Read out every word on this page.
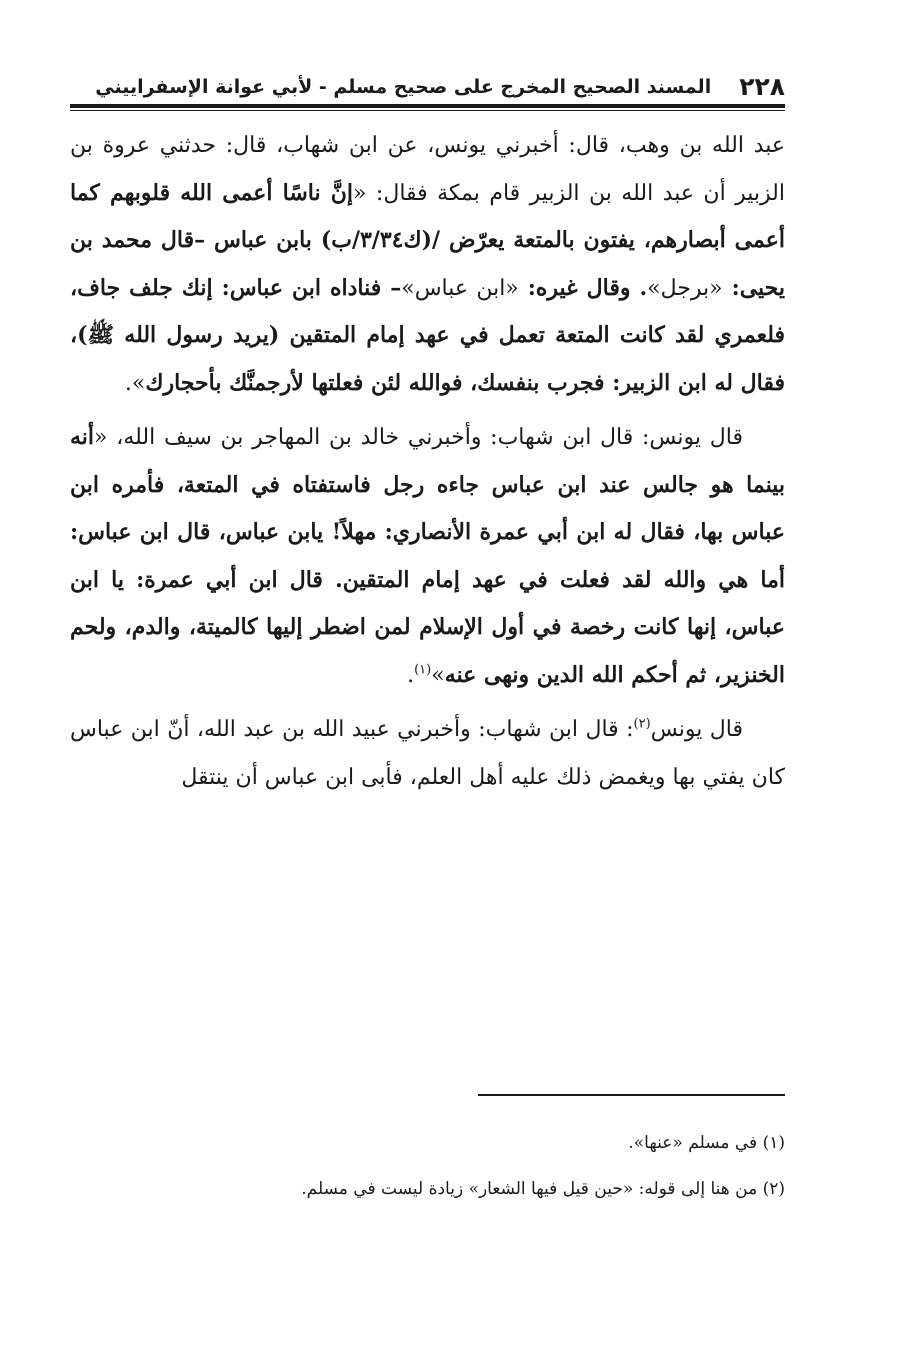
٢٢٨
المسند الصحيح المخرج على صحيح مسلم - لأبي عوانة الإسفراييني

عبد الله بن وهب، قال: أخبرني يونس، عن ابن شهاب، قال: حدثني عروة بن الزبير أن عبد الله بن الزبير قام بمكة فقال: «إنَّ ناسًا أعمى الله قلوبهم كما أعمى أبصارهم، يفتون بالمتعة يعرّض /(ك٣/٣٤/ب) بابن عباس –قال محمد بن يحيى: «برجل». وقال غيره: «ابن عباس»– فناداه ابن عباس: إنك جلف جاف، فلعمري لقد كانت المتعة تعمل في عهد إمام المتقين (يريد رسول الله ﷺ)، فقال له ابن الزبير: فجرب بنفسك، فوالله لئن فعلتها لأرجمنَّك بأحجارك».

قال يونس: قال ابن شهاب: وأخبرني خالد بن المهاجر بن سيف الله، «أنه بينما هو جالس عند ابن عباس جاءه رجل فاستفتاه في المتعة، فأمره ابن عباس بها، فقال له ابن أبي عمرة الأنصاري: مهلاً! يابن عباس، قال ابن عباس: أما هي والله لقد فعلت في عهد إمام المتقين. قال ابن أبي عمرة: يا ابن عباس، إنها كانت رخصة في أول الإسلام لمن اضطر إليها كالميتة، والدم، ولحم الخنزير، ثم أحكم الله الدين ونهى عنه»$^{(١)}$.

قال يونس$^{(٢)}$: قال ابن شهاب: وأخبرني عبيد الله بن عبد الله، أنّ ابن عباس كان يفتي بها ويغمض ذلك عليه أهل العلم، فأبى ابن عباس أن ينتقل

(١) في مسلم «عنها».
(٢) من هنا إلى قوله: «حين قيل فيها الشعار» زيادة ليست في مسلم.
